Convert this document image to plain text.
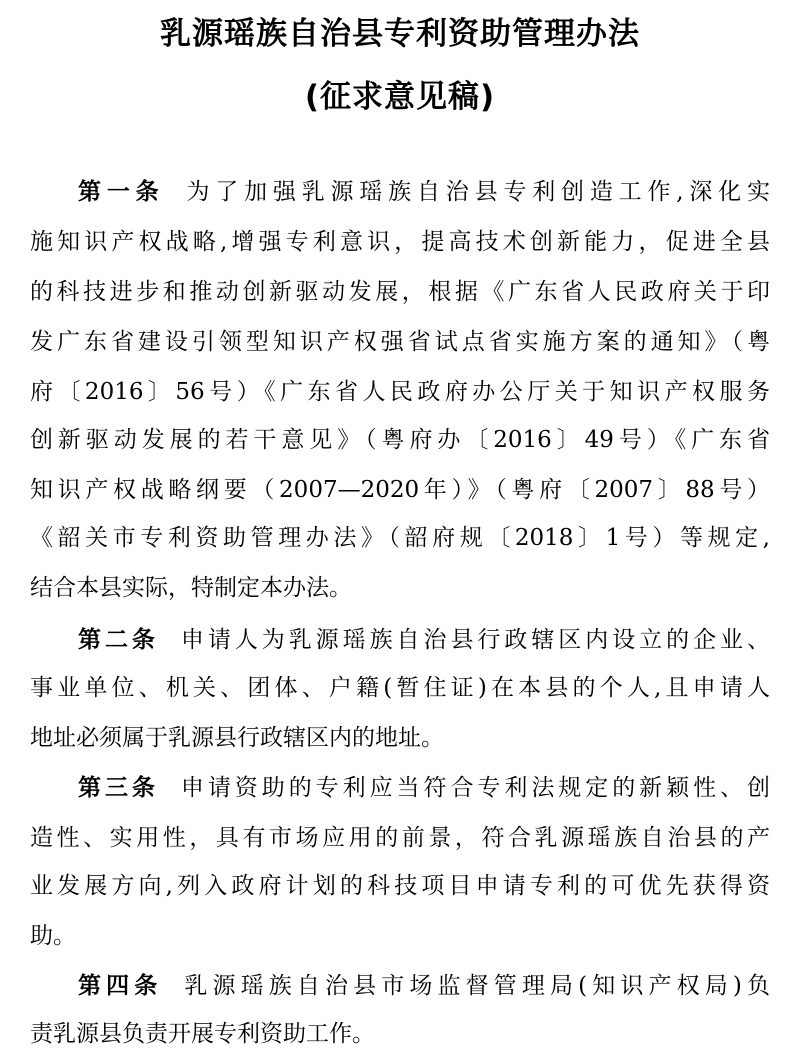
乳源瑶族自治县专利资助管理办法
(征求意见稿)
第一条 为了加强乳源瑶族自治县专利创造工作,深化实
施知识产权战略,增强专利意识，提高技术创新能力，促进全县
的科技进步和推动创新驱动发展，根据《广东省人民政府关于印
发广东省建设引领型知识产权强省试点省实施方案的通知》（粤
府〔2016〕56号）《广东省人民政府办公厅关于知识产权服务
创新驱动发展的若干意见》（粤府办〔2016〕49号）《广东省
知识产权战略纲要（2007—2020年）》（粤府〔2007〕88号）
《韶关市专利资助管理办法》（韶府规〔2018〕1号）等规定,
结合本县实际，特制定本办法。
第二条 申请人为乳源瑶族自治县行政辖区内设立的企业、
事业单位、机关、团体、户籍(暂住证)在本县的个人,且申请人
地址必须属于乳源县行政辖区内的地址。
第三条 申请资助的专利应当符合专利法规定的新颖性、创
造性、实用性，具有市场应用的前景，符合乳源瑶族自治县的产
业发展方向,列入政府计划的科技项目申请专利的可优先获得资
助。
第四条 乳源瑶族自治县市场监督管理局(知识产权局)负
责乳源县负责开展专利资助工作。
